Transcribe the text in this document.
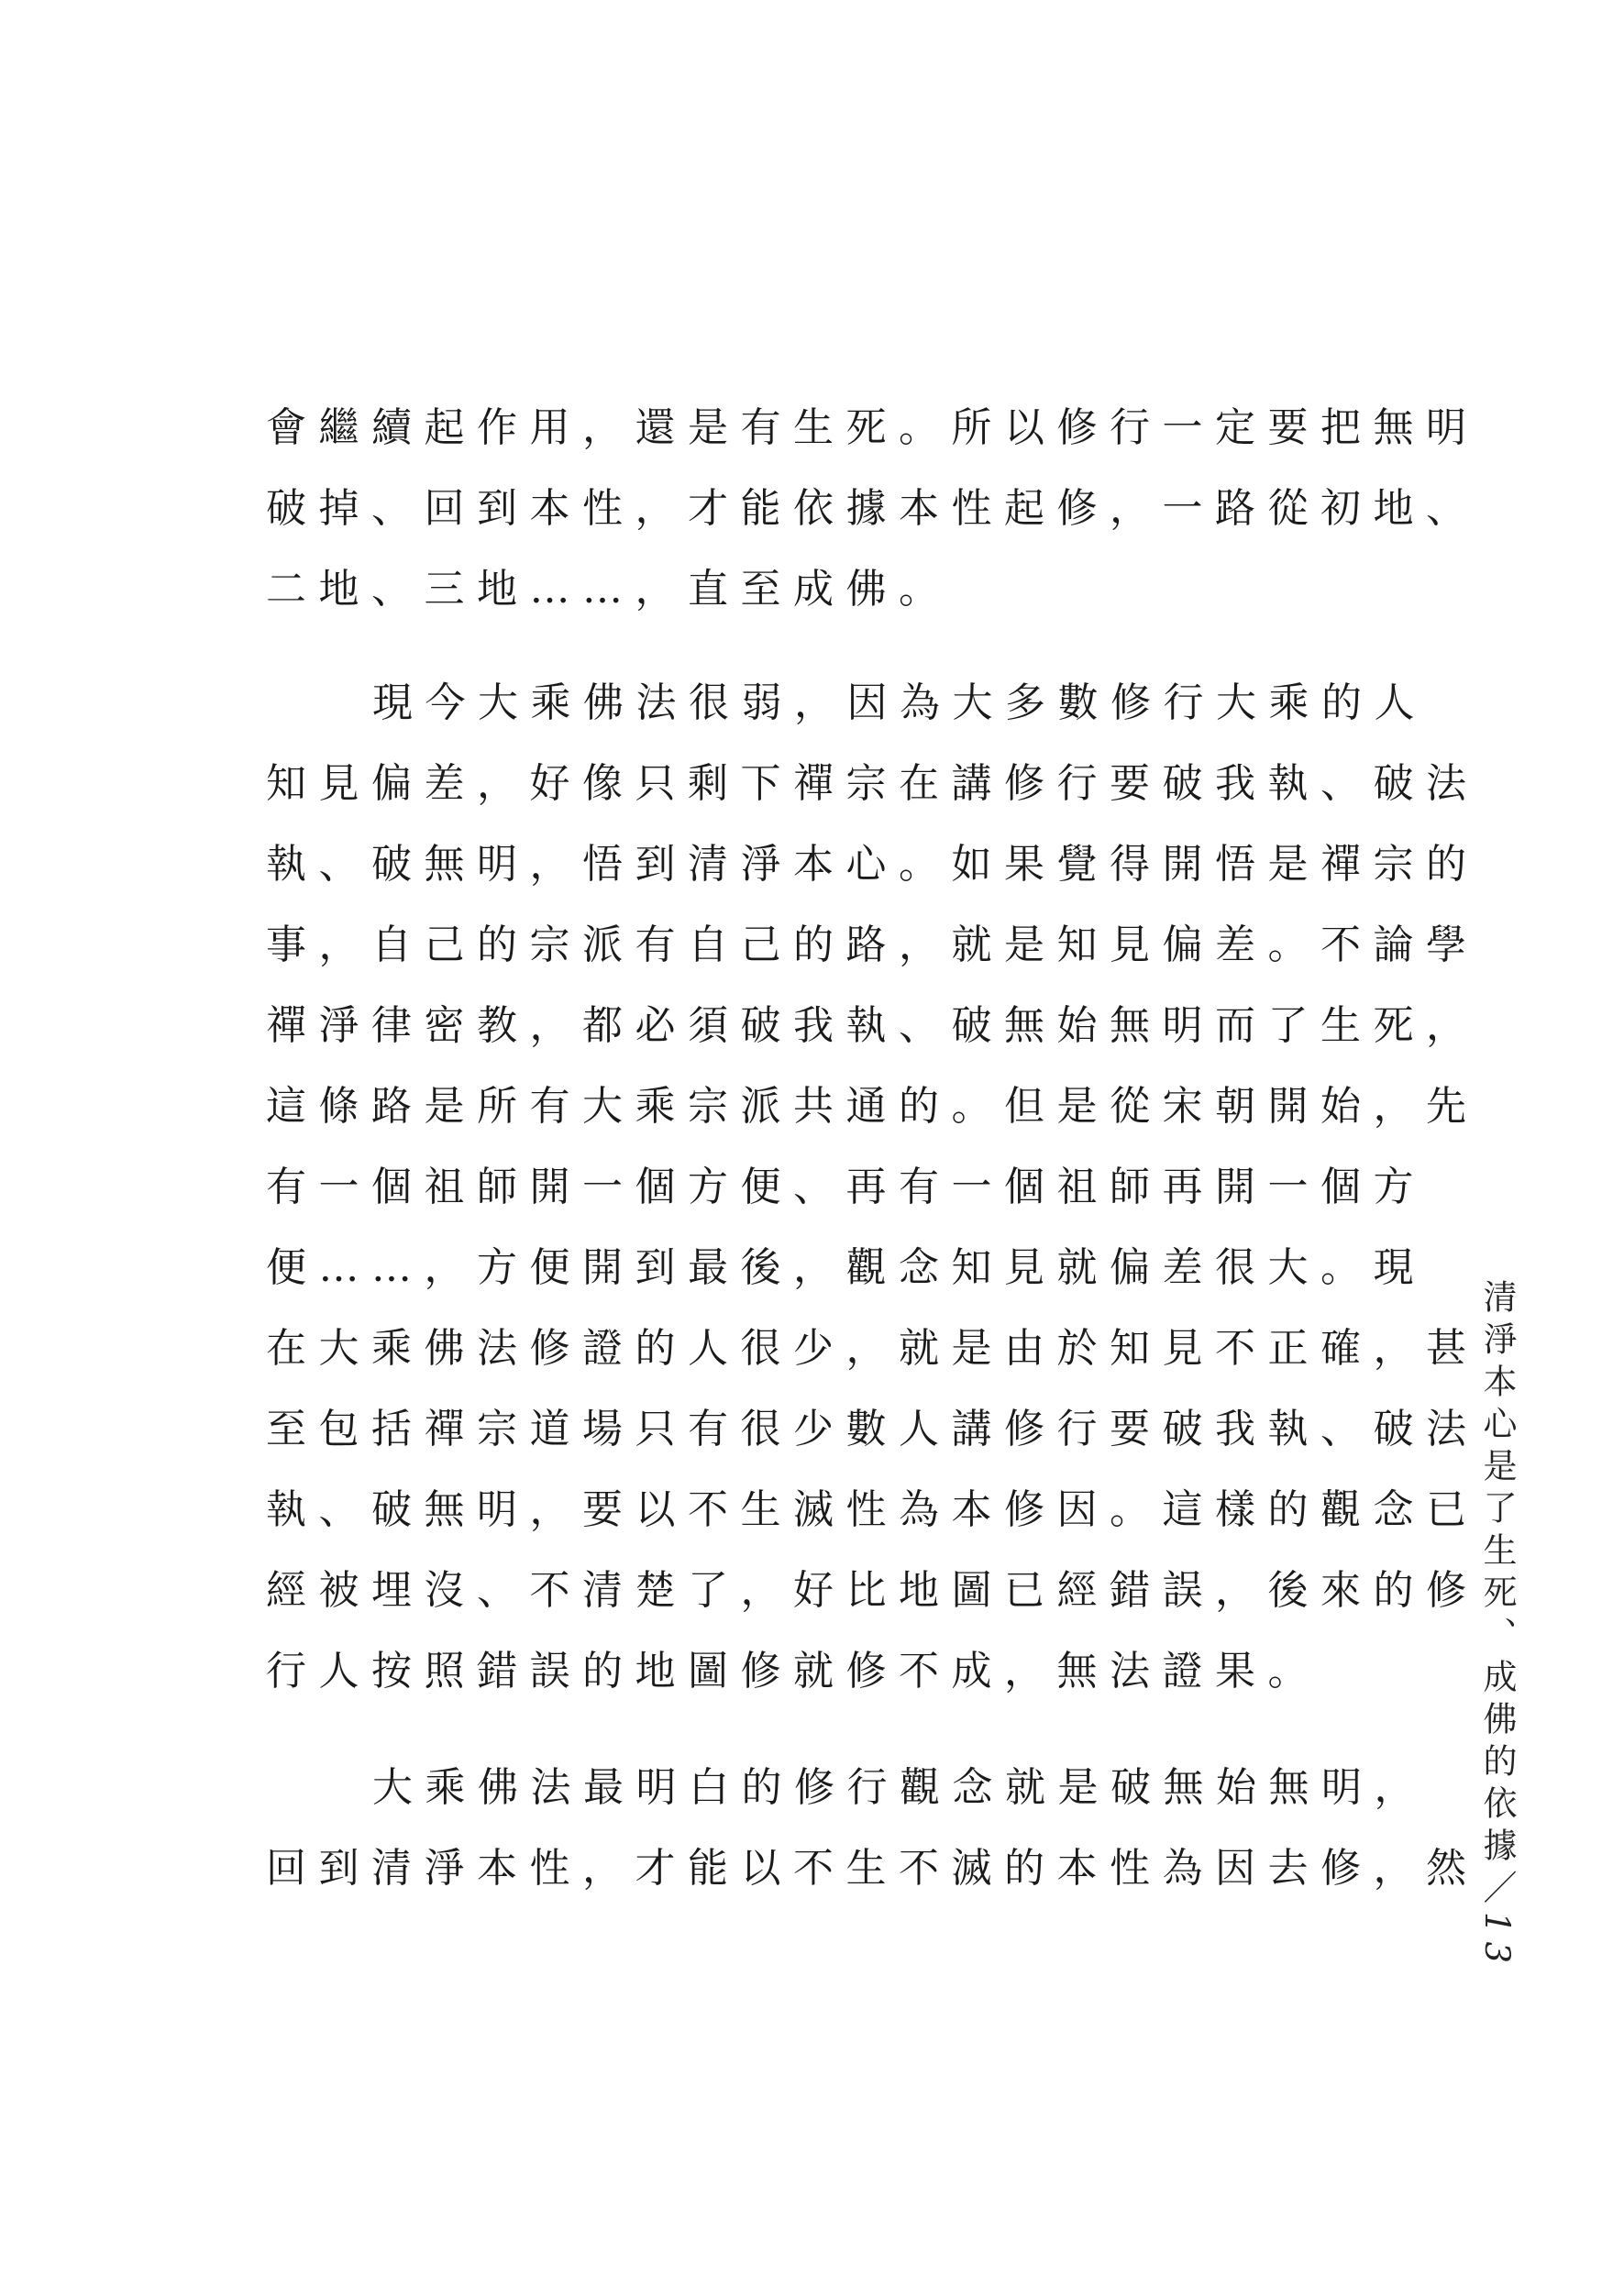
會繼續起作用，還是有生死。所以修行一定要把無明
破掉、回到本性，才能依據本性起修，一路從初地、
二地、三地……，直至成佛。
現今大乘佛法很弱，因為大多數修行大乘的人
知見偏差，好像只剩下禪宗在講修行要破我執、破法
執、破無明，悟到清淨本心。如果覺得開悟是禪宗的
事，自己的宗派有自己的路，就是知見偏差。不論學
禪淨律密教，都必須破我執、破無始無明而了生死，
這條路是所有大乘宗派共通的。但是從宋朝開始，先
有一個祖師開一個方便、再有一個祖師再開一個方
便……，方便開到最後，觀念知見就偏差很大。現
在大乘佛法修證的人很少，就是由於知見不正確，甚
至包括禪宗道場只有很少數人講修行要破我執、破法
執、破無明，要以不生滅性為本修因。這樣的觀念已
經被埋沒、不清楚了，好比地圖已經錯誤，後來的修
行人按照錯誤的地圖修就修不成，無法證果。
大乘佛法最明白的修行觀念就是破無始無明，
回到清淨本性，才能以不生不滅的本性為因去修，然
清淨本心是了生死、成佛的依據／13
